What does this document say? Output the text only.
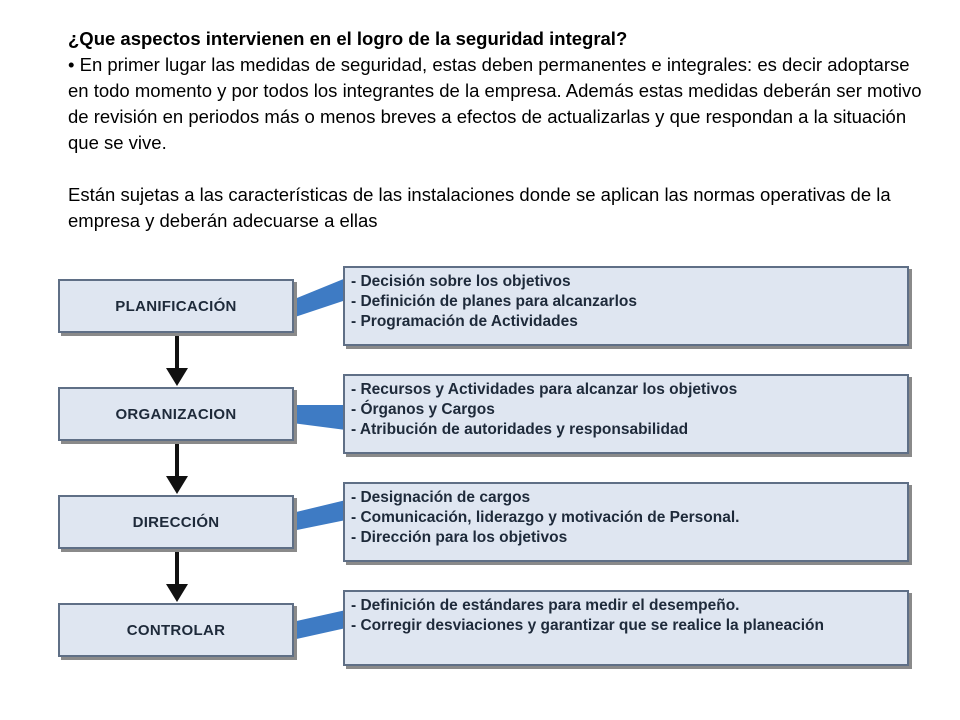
¿Que aspectos intervienen en el logro de la seguridad integral?

• En primer lugar las medidas de seguridad, estas deben permanentes e integrales: es decir adoptarse en todo momento y por todos los integrantes de la empresa. Además estas medidas deberán ser motivo de revisión en periodos más o menos breves a efectos de actualizarlas y que respondan a la situación que se vive.

Están sujetas a las características de las instalaciones donde se aplican las normas operativas de la empresa y deberán adecuarse a ellas

PLANIFICACIÓN
ORGANIZACION
DIRECCIÓN
CONTROLAR
- Decisión sobre los objetivos
- Definición de planes para alcanzarlos
- Programación de Actividades
- Recursos y Actividades para alcanzar los objetivos
- Órganos y Cargos
- Atribución de autoridades y responsabilidad
- Designación de cargos
- Comunicación, liderazgo y motivación de Personal.
- Dirección para los objetivos
- Definición de estándares para medir el desempeño.
- Corregir desviaciones y garantizar que se realice la planeación
